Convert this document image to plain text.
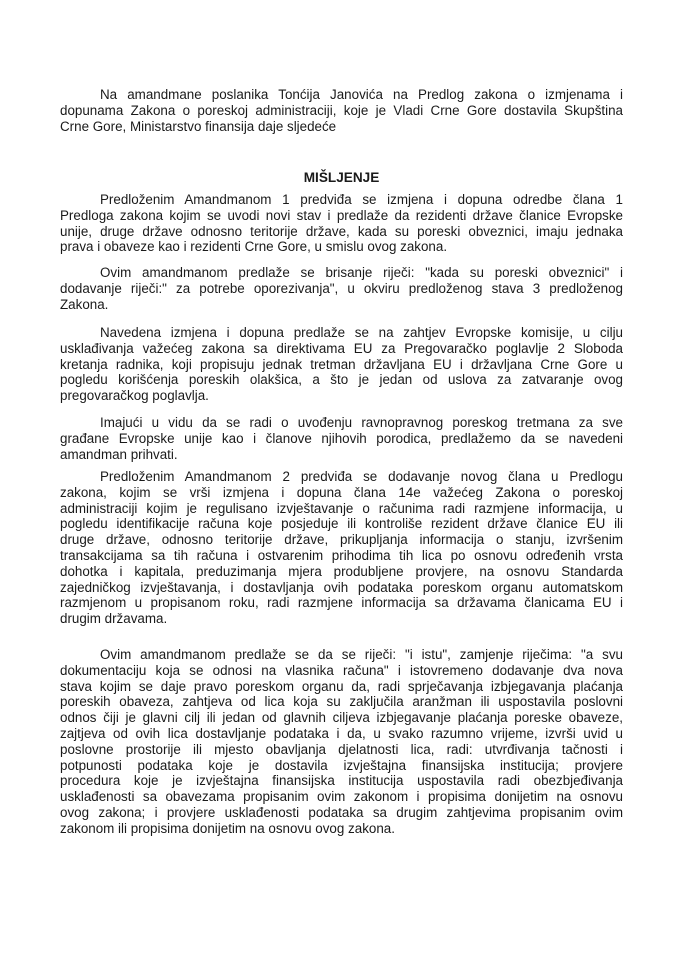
Na amandmane poslanika Tonćija Janovića na Predlog zakona o izmjenama i
dopunama Zakona o poreskoj administraciji, koje je Vladi Crne Gore dostavila Skupština
Crne Gore, Ministarstvo finansija daje sljedeće
MIŠLJENJE
Predloženim Amandmanom 1 predviđa se izmjena i dopuna odredbe člana 1
Predloga zakona kojim se uvodi novi stav i predlaže da rezidenti države članice Evropske
unije, druge države odnosno teritorije države, kada su poreski obveznici, imaju jednaka
prava i obaveze kao i rezidenti Crne Gore, u smislu ovog zakona.
Ovim amandmanom predlaže se brisanje riječi: "kada su poreski obveznici" i
dodavanje riječi:" za potrebe oporezivanja", u okviru predloženog stava 3 predloženog
Zakona.
Navedena izmjena i dopuna predlaže se na zahtjev Evropske komisije, u cilju
usklađivanja važećeg zakona sa direktivama EU za Pregovaračko poglavlje 2 Sloboda
kretanja radnika, koji propisuju jednak tretman državljana EU i državljana Crne Gore u
pogledu korišćenja poreskih olakšica, a što je jedan od uslova za zatvaranje ovog
pregovaračkog poglavlja.
Imajući u vidu da se radi o uvođenju ravnopravnog poreskog tretmana za sve
građane Evropske unije kao i članove njihovih porodica, predlažemo da se navedeni
amandman prihvati.
Predloženim Amandmanom 2 predviđa se dodavanje novog člana u Predlogu
zakona, kojim se vrši izmjena i dopuna člana 14e važećeg Zakona o poreskoj
administraciji kojim je regulisano izvještavanje o računima radi razmjene informacija, u
pogledu identifikacije računa koje posjeduje ili kontroliše rezident države članice EU ili
druge države, odnosno teritorije države, prikupljanja informacija o stanju, izvršenim
transakcijama sa tih računa i ostvarenim prihodima tih lica po osnovu određenih vrsta
dohotka i kapitala, preduzimanja mjera produbljene provjere, na osnovu Standarda
zajedničkog izvještavanja, i dostavljanja ovih podataka poreskom organu automatskom
razmjenom u propisanom roku, radi razmjene informacija sa državama članicama EU i
drugim državama.
Ovim amandmanom predlaže se da se riječi: "i istu", zamjenje riječima: "a svu
dokumentaciju koja se odnosi na vlasnika računa" i istovremeno dodavanje dva nova
stava kojim se daje pravo poreskom organu da, radi sprječavanja izbjegavanja plaćanja
poreskih obaveza, zahtjeva od lica koja su zaključila aranžman ili uspostavila poslovni
odnos čiji je glavni cilj ili jedan od glavnih ciljeva izbjegavanje plaćanja poreske obaveze,
zajtjeva od ovih lica dostavljanje podataka i da, u svako razumno vrijeme, izvrši uvid u
poslovne prostorije ili mjesto obavljanja djelatnosti lica, radi: utvrđivanja tačnosti i
potpunosti podataka koje je dostavila izvještajna finansijska institucija; provjere
procedura koje je izvještajna finansijska institucija uspostavila radi obezbjeđivanja
usklađenosti sa obavezama propisanim ovim zakonom i propisima donijetim na osnovu
ovog zakona; i provjere usklađenosti podataka sa drugim zahtjevima propisanim ovim
zakonom ili propisima donijetim na osnovu ovog zakona.
